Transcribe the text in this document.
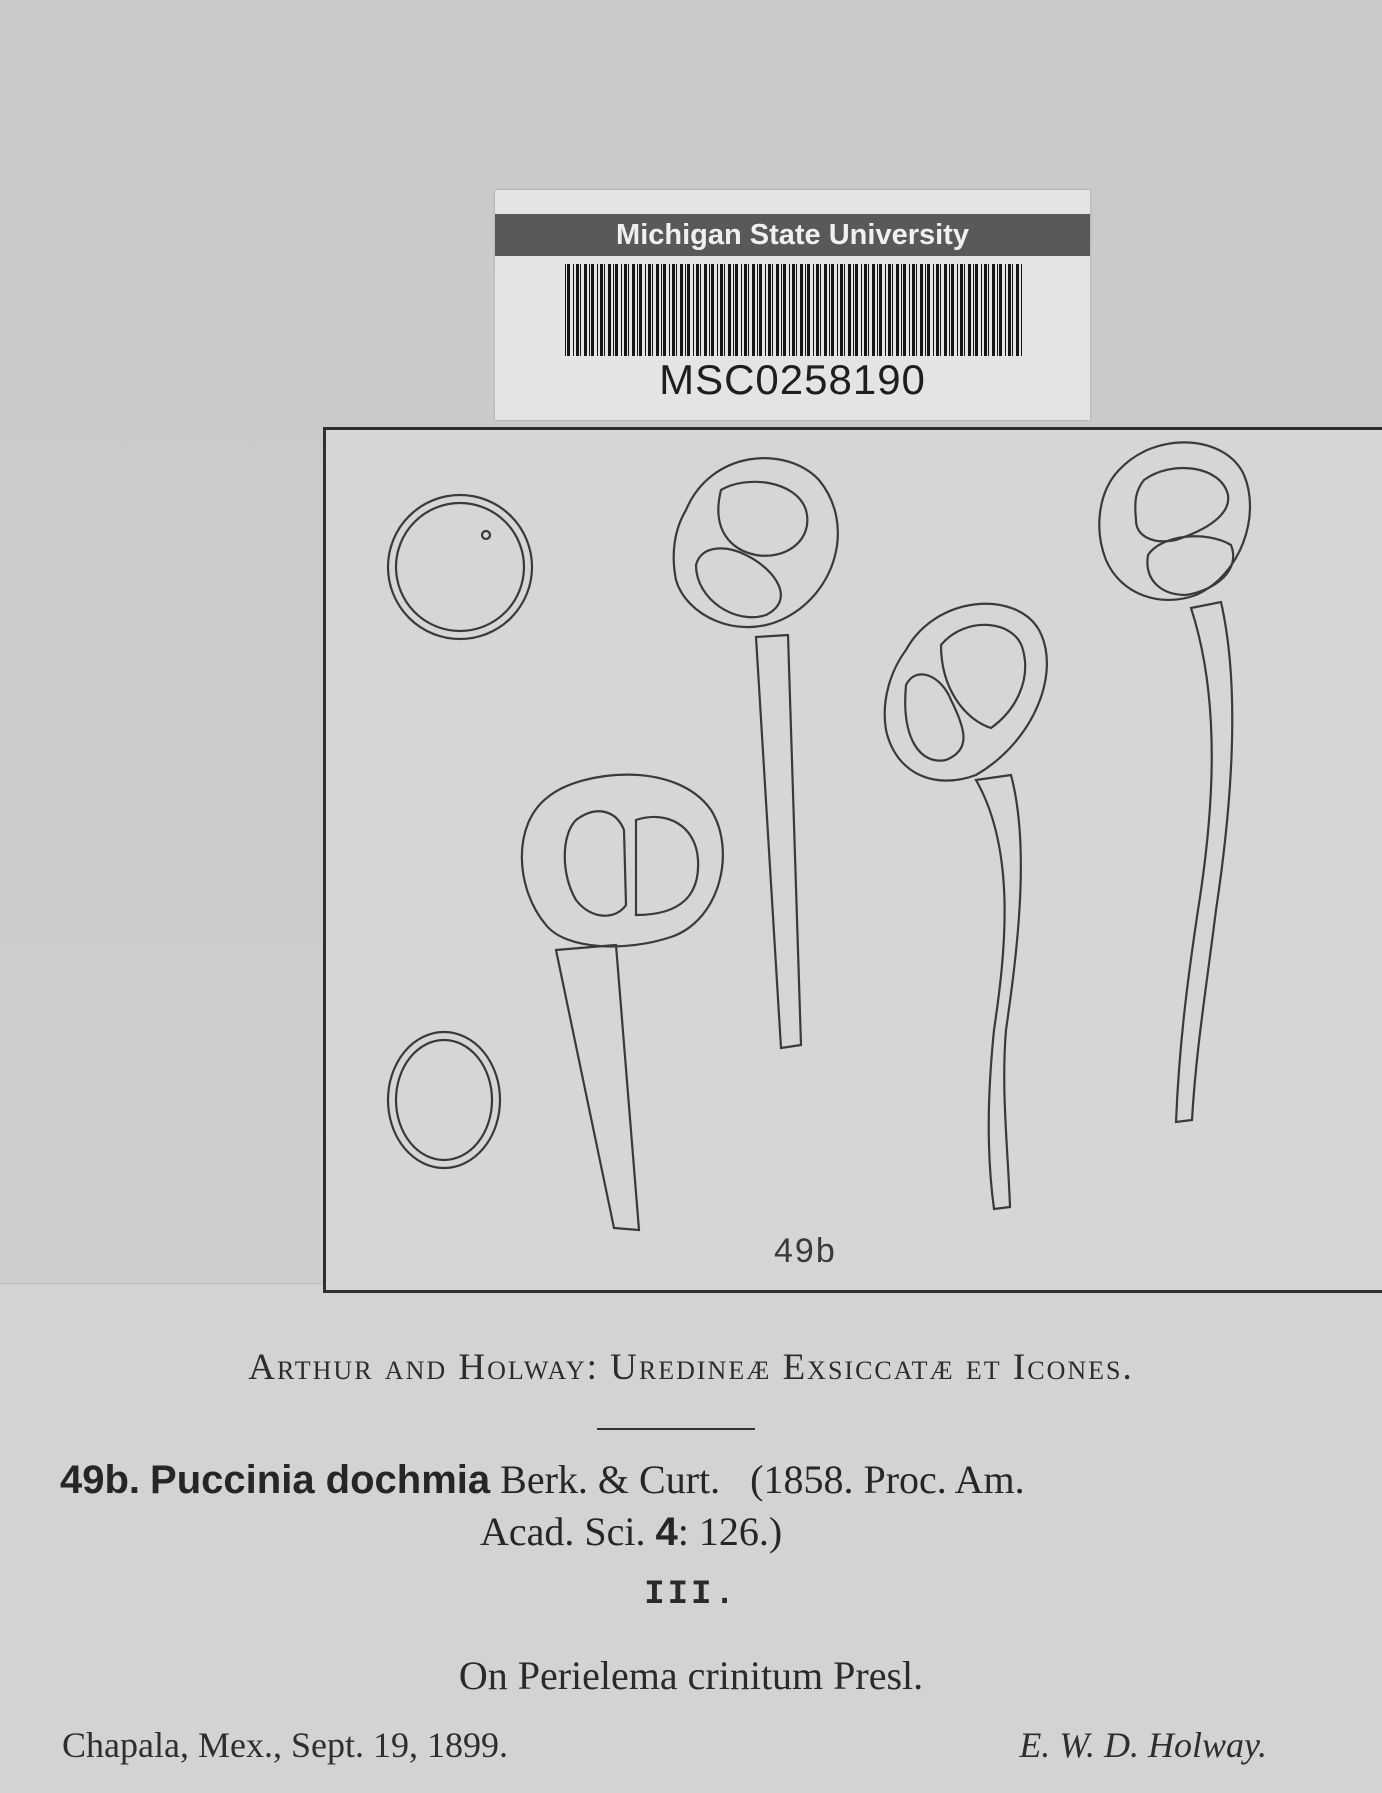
Michigan State University
MSC0258190
49b
Arthur and Holway: Uredineæ Exsiccatæ et Icones.
49b. Puccinia dochmia Berk. & Curt. (1858. Proc. Am.
Acad. Sci. 4: 126.)
III.
On Perielema crinitum Presl.
Chapala, Mex., Sept. 19, 1899.	E. W. D. Holway.
